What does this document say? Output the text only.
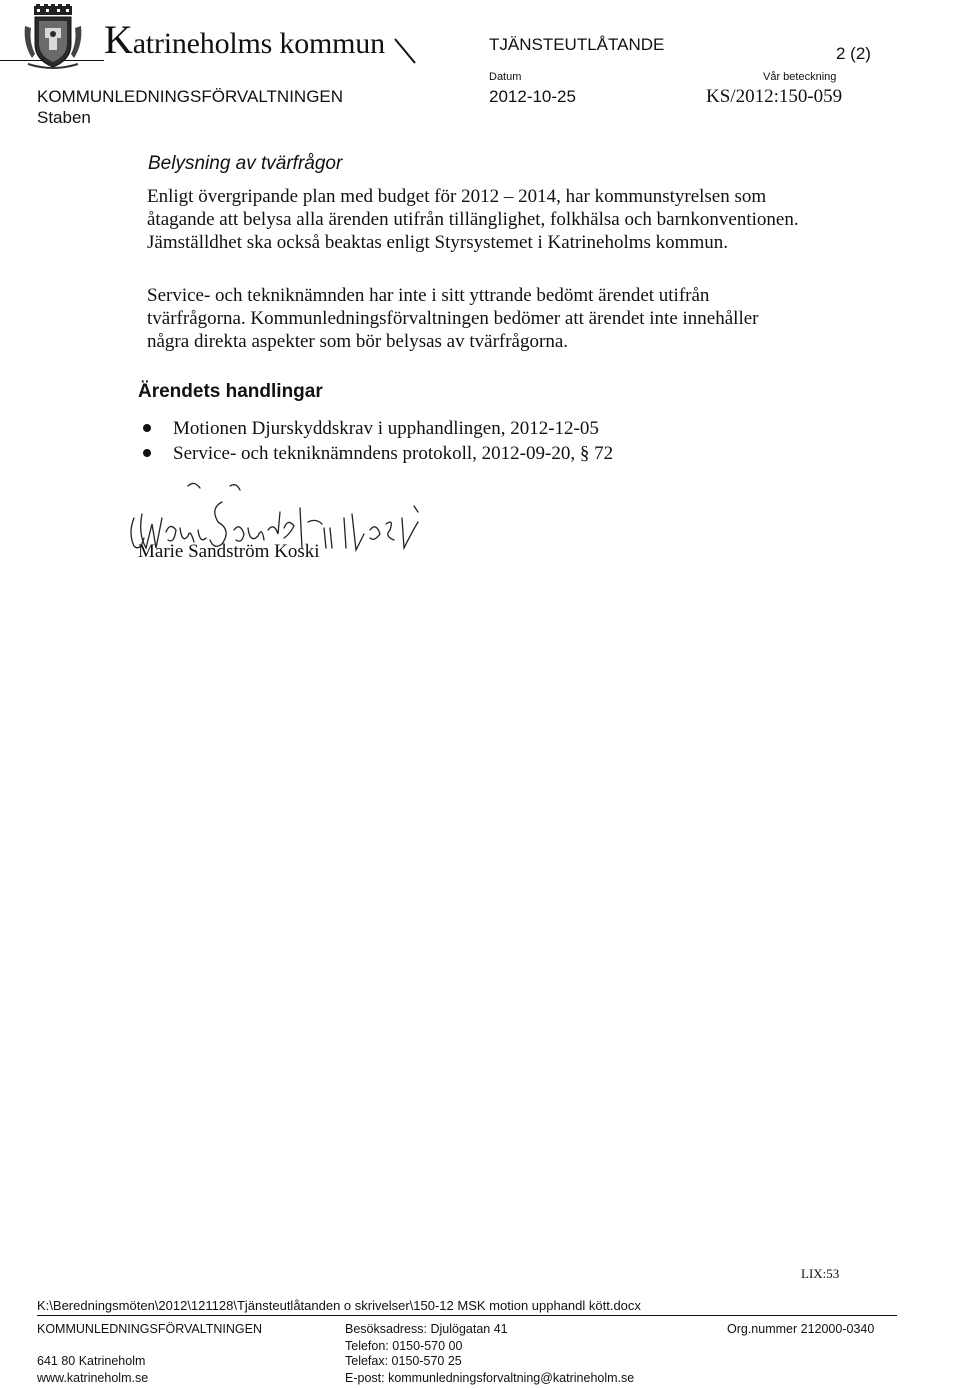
Katrineholms kommun	TJÄNSTEUTLÅTANDE	2 (2)
KOMMUNLEDNINGSFÖRVALTNINGEN
Staben
Datum
2012-10-25
Vår beteckning
KS/2012:150-059
Belysning av tvärfrågor
Enligt övergripande plan med budget för 2012 – 2014, har kommunstyrelsen som
åtagande att belysa alla ärenden utifrån tillänglighet, folkhälsa och barnkonventionen.
Jämställdhet ska också beaktas enligt Styrsystemet i Katrineholms kommun.
Service- och tekniknämnden har inte i sitt yttrande bedömt ärendet utifrån
tvärfrågorna. Kommunledningsförvaltningen bedömer att ärendet inte innehåller
några direkta aspekter som bör belysas av tvärfrågorna.
Ärendets handlingar
Motionen Djurskyddskrav i upphandlingen, 2012-12-05
Service- och tekniknämndens protokoll, 2012-09-20, § 72
Marie Sandström Koski
LIX:53
K:\Beredningsmöten\2012\121128\Tjänsteutlåtanden o skrivelser\150-12 MSK motion upphandl kött.docx
KOMMUNLEDNINGSFÖRVALTNINGEN
641 80 Katrineholm
www.katrineholm.se
Besöksadress: Djulögatan 41
Telefon: 0150-570 00
Telefax: 0150-570 25
E-post: kommunledningsforvaltning@katrineholm.se
Org.nummer 212000-0340
